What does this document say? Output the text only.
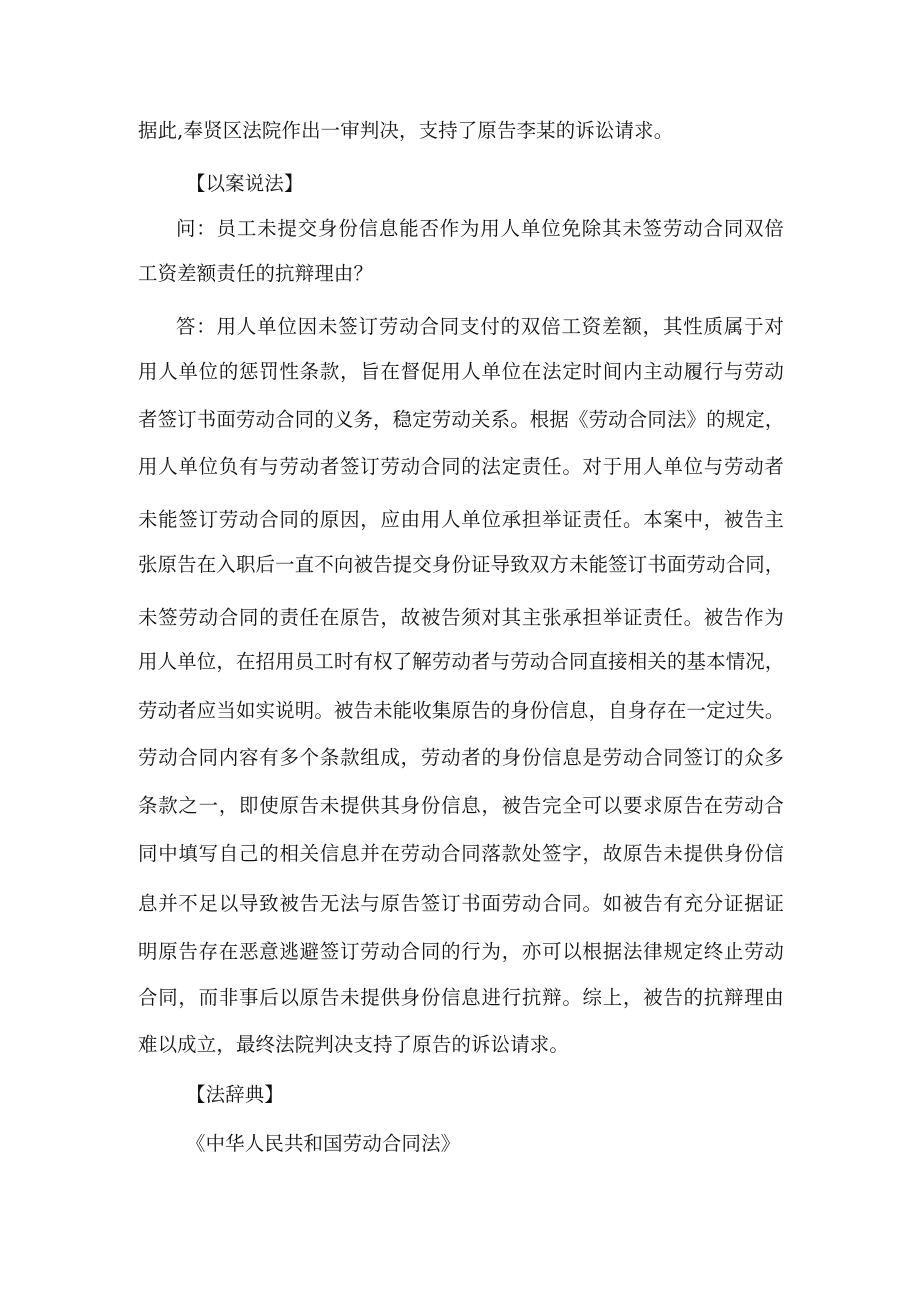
据此,奉贤区法院作出一审判决，支持了原告李某的诉讼请求。
【以案说法】
问：员工未提交身份信息能否作为用人单位免除其未签劳动合同双倍
工资差额责任的抗辩理由？
答：用人单位因未签订劳动合同支付的双倍工资差额，其性质属于对
用人单位的惩罚性条款，旨在督促用人单位在法定时间内主动履行与劳动
者签订书面劳动合同的义务，稳定劳动关系。根据《劳动合同法》的规定，
用人单位负有与劳动者签订劳动合同的法定责任。对于用人单位与劳动者
未能签订劳动合同的原因，应由用人单位承担举证责任。本案中，被告主
张原告在入职后一直不向被告提交身份证导致双方未能签订书面劳动合同，
未签劳动合同的责任在原告，故被告须对其主张承担举证责任。被告作为
用人单位，在招用员工时有权了解劳动者与劳动合同直接相关的基本情况，
劳动者应当如实说明。被告未能收集原告的身份信息，自身存在一定过失。
劳动合同内容有多个条款组成，劳动者的身份信息是劳动合同签订的众多
条款之一，即使原告未提供其身份信息，被告完全可以要求原告在劳动合
同中填写自己的相关信息并在劳动合同落款处签字，故原告未提供身份信
息并不足以导致被告无法与原告签订书面劳动合同。如被告有充分证据证
明原告存在恶意逃避签订劳动合同的行为，亦可以根据法律规定终止劳动
合同，而非事后以原告未提供身份信息进行抗辩。综上，被告的抗辩理由
难以成立，最终法院判决支持了原告的诉讼请求。
【法辞典】
《中华人民共和国劳动合同法》
